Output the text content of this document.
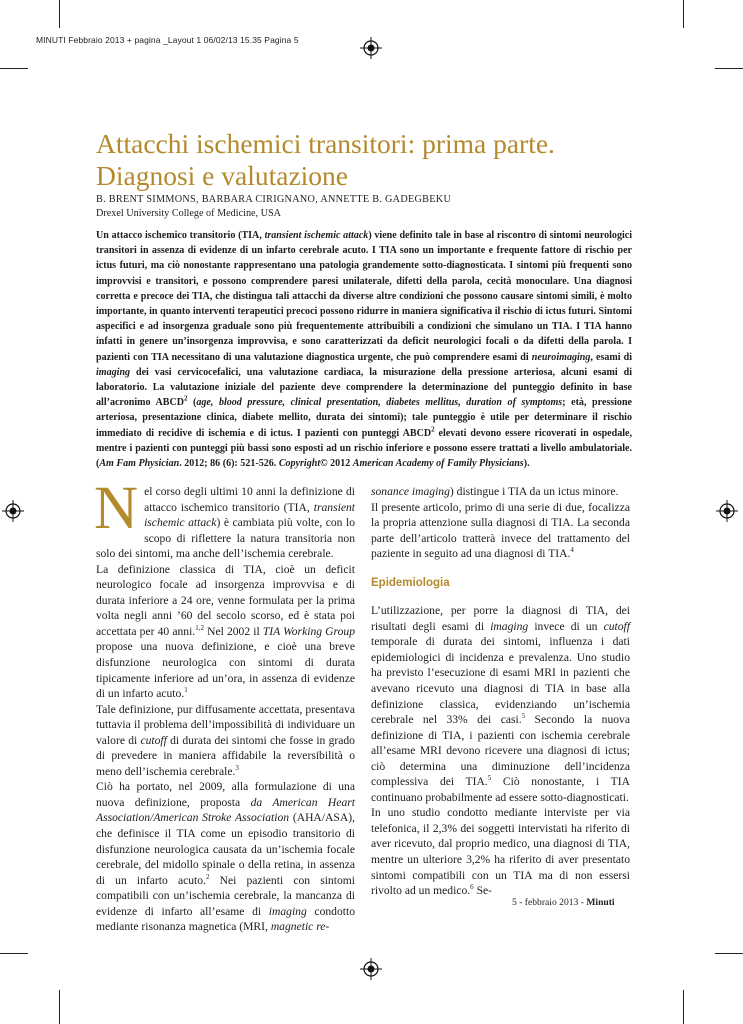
MINUTI Febbraio 2013 + pagina _Layout 1 06/02/13 15.35 Pagina 5
Attacchi ischemici transitori: prima parte.
Diagnosi e valutazione
B. BRENT SIMMONS, BARBARA CIRIGNANO, ANNETTE B. GADEGBEKU
Drexel University College of Medicine, USA
Un attacco ischemico transitorio (TIA, transient ischemic attack) viene definito tale in base al riscontro di sintomi neurologici transitori in assenza di evidenze di un infarto cerebrale acuto. I TIA sono un importante e frequente fattore di rischio per ictus futuri, ma ciò nonostante rappresentano una patologia grandemente sotto-diagnosticata. I sintomi più frequenti sono improvvisi e transitori, e possono comprendere paresi unilaterale, difetti della parola, cecità monoculare. Una diagnosi corretta e precoce dei TIA, che distingua tali attacchi da diverse altre condizioni che possono causare sintomi simili, è molto importante, in quanto interventi terapeutici precoci possono ridurre in maniera significativa il rischio di ictus futuri. Sintomi aspecifici e ad insorgenza graduale sono più frequentemente attribuibili a condizioni che simulano un TIA. I TIA hanno infatti in genere un’insorgenza improvvisa, e sono caratterizzati da deficit neurologici focali o da difetti della parola. I pazienti con TIA necessitano di una valutazione diagnostica urgente, che può comprendere esami di neuroimaging, esami di imaging dei vasi cervicocefalici, una valutazione cardiaca, la misurazione della pressione arteriosa, alcuni esami di laboratorio. La valutazione iniziale del paziente deve comprendere la determinazione del punteggio definito in base all’acronimo ABCD$^2$ (age, blood pressure, clinical presentation, diabetes mellitus, duration of symptoms; età, pressione arteriosa, presentazione clinica, diabete mellito, durata dei sintomi); tale punteggio è utile per determinare il rischio immediato di recidive di ischemia e di ictus. I pazienti con punteggi ABCD$^2$ elevati devono essere ricoverati in ospedale, mentre i pazienti con punteggi più bassi sono esposti ad un rischio inferiore e possono essere trattati a livello ambulatoriale. (Am Fam Physician. 2012; 86 (6): 521-526. Copyright© 2012 American Academy of Family Physicians).

Nel corso degli ultimi 10 anni la definizione di attacco ischemico transitorio (TIA, transient ischemic attack) è cambiata più volte, con lo scopo di riflettere la natura transitoria non solo dei sintomi, ma anche dell’ischemia cerebrale.

La definizione classica di TIA, cioè un deficit neurologico focale ad insorgenza improvvisa e di durata inferiore a 24 ore, venne formulata per la prima volta negli anni ’60 del secolo scorso, ed è stata poi accettata per 40 anni.$^{1,2}$ Nel 2002 il TIA Working Group propose una nuova definizione, e cioè una breve disfunzione neurologica con sintomi di durata tipicamente inferiore ad un’ora, in assenza di evidenze di un infarto acuto.$^1$

Tale definizione, pur diffusamente accettata, presentava tuttavia il problema dell’impossibilità di individuare un valore di cutoff di durata dei sintomi che fosse in grado di prevedere in maniera affidabile la reversibilità o meno dell’ischemia cerebrale.$^3$

Ciò ha portato, nel 2009, alla formulazione di una nuova definizione, proposta da American Heart Association/American Stroke Association (AHA/ASA), che definisce il TIA come un episodio transitorio di disfunzione neurologica causata da un’ischemia focale cerebrale, del midollo spinale o della retina, in assenza di un infarto acuto.$^2$ Nei pazienti con sintomi compatibili con un’ischemia cerebrale, la mancanza di evidenze di infarto all’esame di imaging condotto mediante risonanza magnetica (MRI, magnetic re-

sonance imaging) distingue i TIA da un ictus minore.

Il presente articolo, primo di una serie di due, focalizza la propria attenzione sulla diagnosi di TIA. La seconda parte dell’articolo tratterà invece del trattamento del paziente in seguito ad una diagnosi di TIA.$^4$

Epidemiologia

L’utilizzazione, per porre la diagnosi di TIA, dei risultati degli esami di imaging invece di un cutoff temporale di durata dei sintomi, influenza i dati epidemiologici di incidenza e prevalenza. Uno studio ha previsto l’esecuzione di esami MRI in pazienti che avevano ricevuto una diagnosi di TIA in base alla definizione classica, evidenziando un’ischemia cerebrale nel 33% dei casi.$^5$ Secondo la nuova definizione di TIA, i pazienti con ischemia cerebrale all’esame MRI devono ricevere una diagnosi di ictus; ciò determina una diminuzione dell’incidenza complessiva dei TIA.$^5$ Ciò nonostante, i TIA continuano probabilmente ad essere sotto-diagnosticati.

In uno studio condotto mediante interviste per via telefonica, il 2,3% dei soggetti intervistati ha riferito di aver ricevuto, dal proprio medico, una diagnosi di TIA, mentre un ulteriore 3,2% ha riferito di aver presentato sintomi compatibili con un TIA ma di non essersi rivolto ad un medico.$^6$ Se-

5 - febbraio 2013 - Minuti
